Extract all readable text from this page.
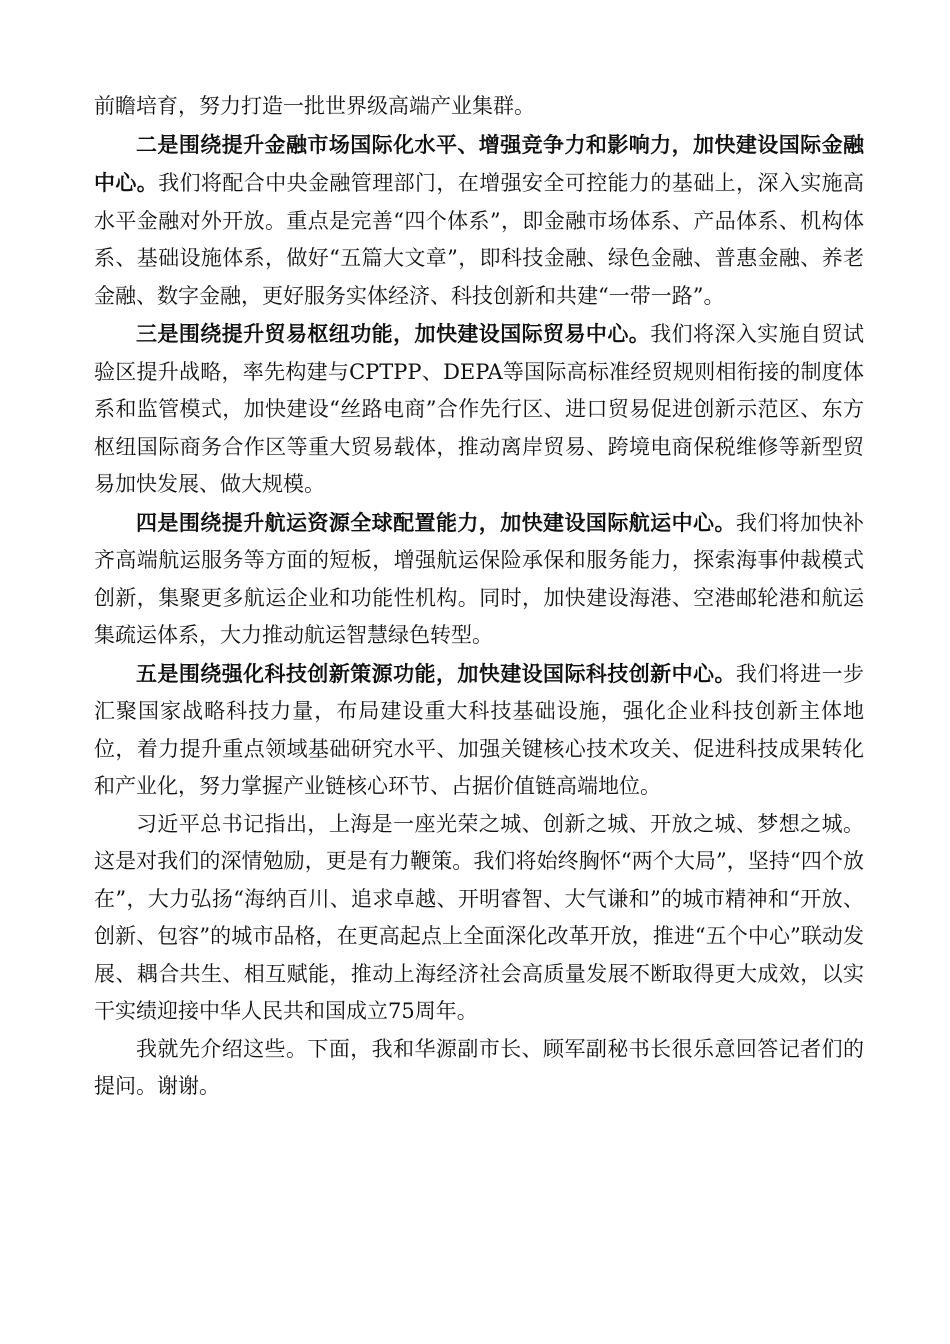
前瞻培育，努力打造一批世界级高端产业集群。

二是围绕提升金融市场国际化水平、增强竞争力和影响力，加快建设国际金融中心。我们将配合中央金融管理部门，在增强安全可控能力的基础上，深入实施高水平金融对外开放。重点是完善“四个体系”，即金融市场体系、产品体系、机构体系、基础设施体系，做好“五篇大文章”，即科技金融、绿色金融、普惠金融、养老金融、数字金融，更好服务实体经济、科技创新和共建“一带一路”。

三是围绕提升贸易枢纽功能，加快建设国际贸易中心。我们将深入实施自贸试验区提升战略，率先构建与CPTPP、DEPA等国际高标准经贸规则相衔接的制度体系和监管模式，加快建设“丝路电商”合作先行区、进口贸易促进创新示范区、东方枢纽国际商务合作区等重大贸易载体，推动离岸贸易、跨境电商保税维修等新型贸易加快发展、做大规模。

四是围绕提升航运资源全球配置能力，加快建设国际航运中心。我们将加快补齐高端航运服务等方面的短板，增强航运保险承保和服务能力，探索海事仲裁模式创新，集聚更多航运企业和功能性机构。同时，加快建设海港、空港邮轮港和航运集疏运体系，大力推动航运智慧绿色转型。

五是围绕强化科技创新策源功能，加快建设国际科技创新中心。我们将进一步汇聚国家战略科技力量，布局建设重大科技基础设施，强化企业科技创新主体地位，着力提升重点领域基础研究水平、加强关键核心技术攻关、促进科技成果转化和产业化，努力掌握产业链核心环节、占据价值链高端地位。

习近平总书记指出，上海是一座光荣之城、创新之城、开放之城、梦想之城。这是对我们的深情勉励，更是有力鞭策。我们将始终胸怀“两个大局”，坚持“四个放在”，大力弘扬“海纳百川、追求卓越、开明睿智、大气谦和”的城市精神和“开放、创新、包容”的城市品格，在更高起点上全面深化改革开放，推进“五个中心”联动发展、耦合共生、相互赋能，推动上海经济社会高质量发展不断取得更大成效，以实干实绩迎接中华人民共和国成立75周年。

我就先介绍这些。下面，我和华源副市长、顾军副秘书长很乐意回答记者们的提问。谢谢。
